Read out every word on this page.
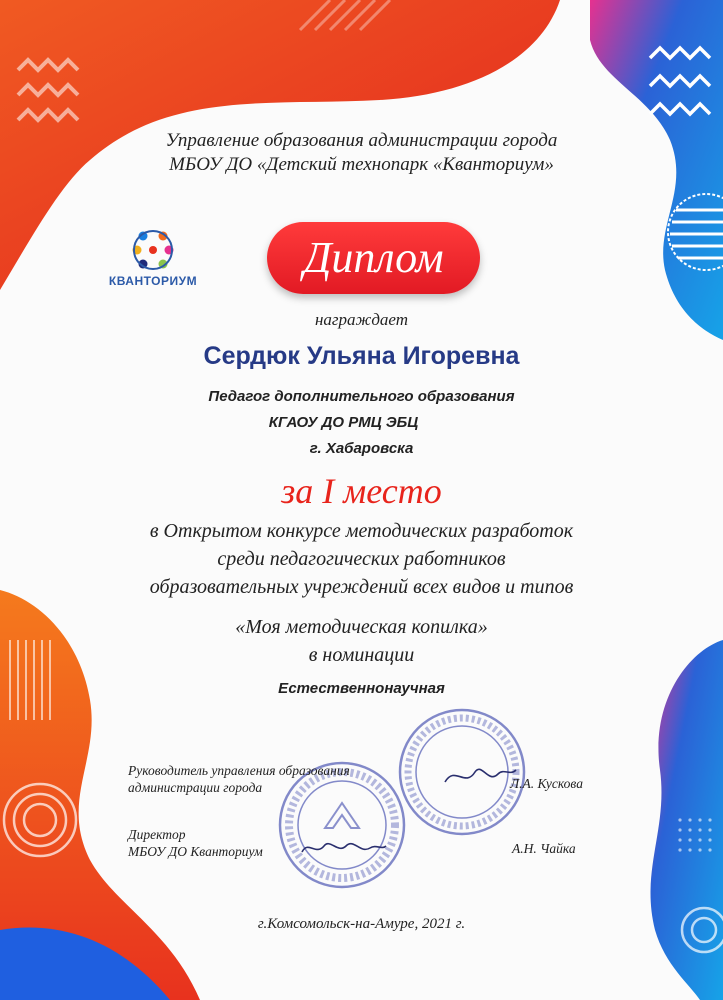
Управление образования администрации города
МБОУ ДО «Детский технопарк «Кванториум»
КВАНТОРИУМ	Диплом
награждает
Сердюк Ульяна Игоревна
Педагог дополнительного образования
КГАОУ ДО РМЦ ЭБЦ
г. Хабаровска
за I место
в Открытом конкурсе методических разработок
среди педагогических работников
образовательных учреждений всех видов и типов
«Моя методическая копилка»
в номинации
Естественнонаучная
Руководитель управления образования
администрации города	Л.А. Кускова
Директор
МБОУ ДО Кванториум	А.Н. Чайка
г.Комсомольск-на-Амуре, 2021 г.
